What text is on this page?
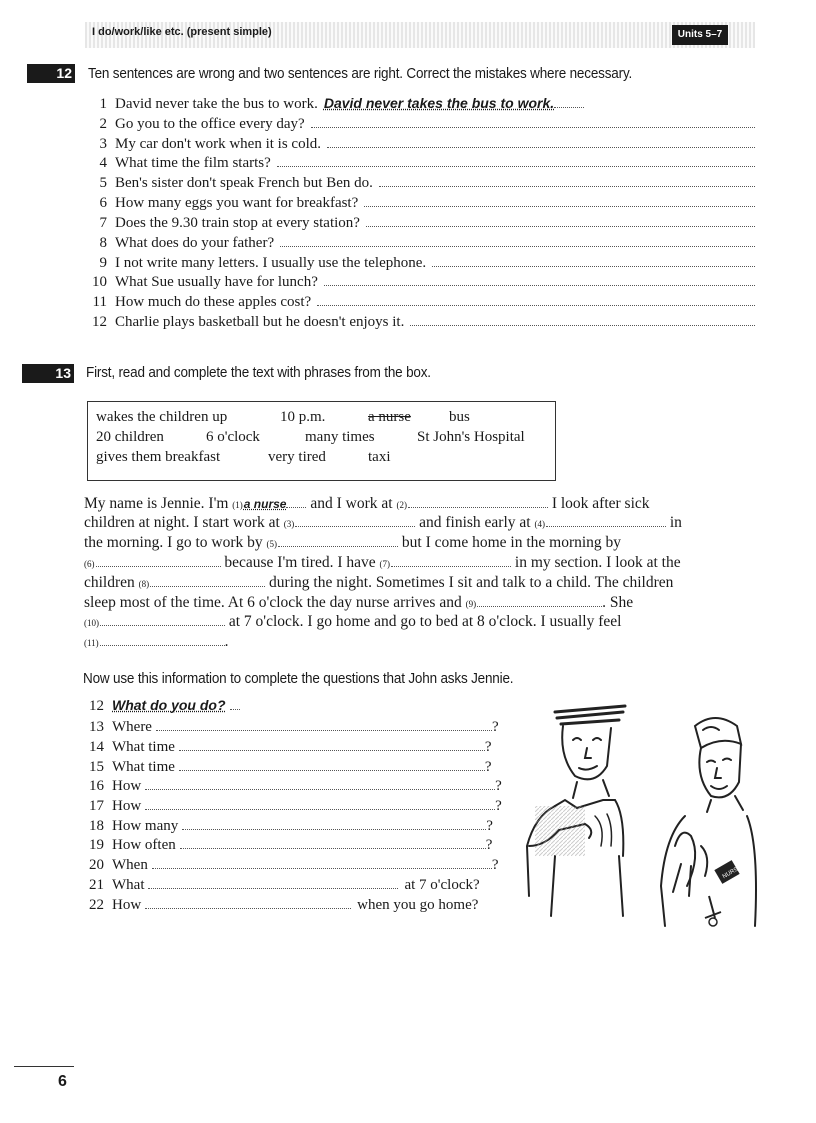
I do/work/like etc. (present simple)	Units 5–7
12 Ten sentences are wrong and two sentences are right. Correct the mistakes where necessary.
1 David never take the bus to work. David never takes the bus to work.
2 Go you to the office every day?
3 My car don't work when it is cold.
4 What time the film starts?
5 Ben's sister don't speak French but Ben do.
6 How many eggs you want for breakfast?
7 Does the 9.30 train stop at every station?
8 What does do your father?
9 I not write many letters. I usually use the telephone.
10 What Sue usually have for lunch?
11 How much do these apples cost?
12 Charlie plays basketball but he doesn't enjoys it.
13 First, read and complete the text with phrases from the box.
wakes the children up	10 p.m.	a nurse	bus
20 children	6 o'clock	many times	St John's Hospital
gives them breakfast	very tired	taxi
My name is Jennie. I'm
(1) a nurse
and I work at
(2)
	I look after sick
children at night. I start work at
(3)
	and finish early at
(4)
	in
the morning. I go to work by
(5)
	but I come home in the morning by
(6)
	because I'm tired. I have
(7)
	in my section. I look at the
children
(8)
	during the night. Sometimes I sit and talk to a child. The children
sleep most of the time. At 6 o'clock the day nurse arrives and
(9)	. She
(10)
	at 7 o'clock. I go home and go to bed at 8 o'clock. I usually feel
(11)	.
Now use this information to complete the questions that John asks Jennie.
12 What do you do?
13 Where	?
14 What time	?
15 What time	?
16 How	?
17 How	?
18 How many	?
19 How often	?
20 When	?
21 What	at 7 o'clock?
22 How	when you go home?
NURSE
6
